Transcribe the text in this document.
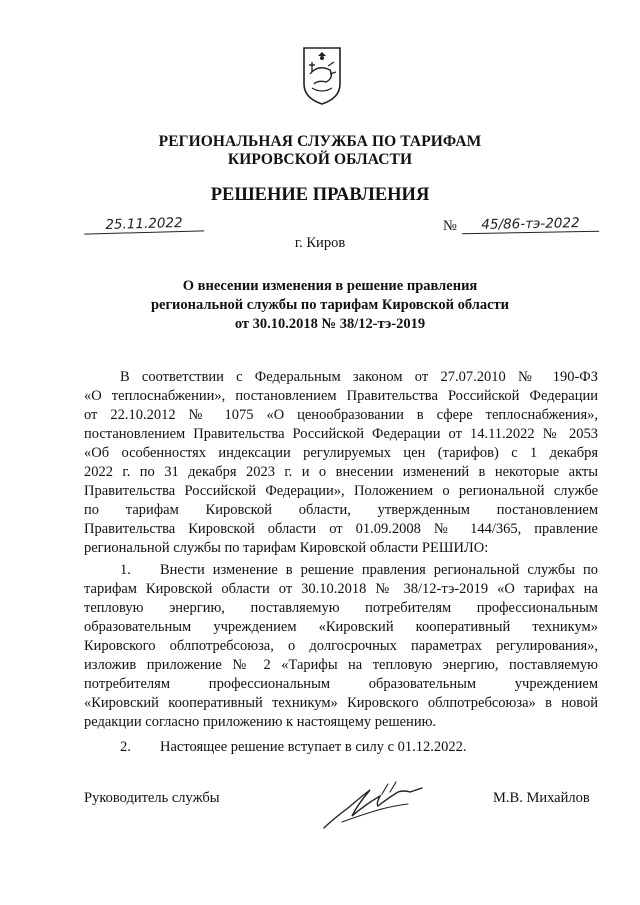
РЕГИОНАЛЬНАЯ СЛУЖБА ПО ТАРИФАМ
КИРОВСКОЙ ОБЛАСТИ
РЕШЕНИЕ ПРАВЛЕНИЯ
25.11.2022	№	45/86-тэ-2022
г. Киров
О внесении изменения в решение правления
региональной службы по тарифам Кировской области
от 30.10.2018 № 38/12-тэ-2019
В соответствии с Федеральным законом от 27.07.2010 № 190-ФЗ
«О теплоснабжении», постановлением Правительства Российской Федерации
от 22.10.2012 № 1075 «О ценообразовании в сфере теплоснабжения»,
постановлением Правительства Российской Федерации от 14.11.2022 № 2053
«Об особенностях индексации регулируемых цен (тарифов) с 1 декабря
2022 г. по 31 декабря 2023 г. и о внесении изменений в некоторые акты
Правительства Российской Федерации», Положением о региональной службе
по тарифам Кировской области, утвержденным постановлением
Правительства Кировской области от 01.09.2008 № 144/365, правление
региональной службы по тарифам Кировской области РЕШИЛО:
1. Внести изменение в решение правления региональной службы по
тарифам Кировской области от 30.10.2018 № 38/12-тэ-2019 «О тарифах на
тепловую энергию, поставляемую потребителям профессиональным
образовательным учреждением «Кировский кооперативный техникум»
Кировского облпотребсоюза, о долгосрочных параметрах регулирования»,
изложив приложение № 2 «Тарифы на тепловую энергию, поставляемую
потребителям профессиональным образовательным учреждением
«Кировский кооперативный техникум» Кировского облпотребсоюза» в новой
редакции согласно приложению к настоящему решению.
2. Настоящее решение вступает в силу с 01.12.2022.
Руководитель службы	М.В. Михайлов
